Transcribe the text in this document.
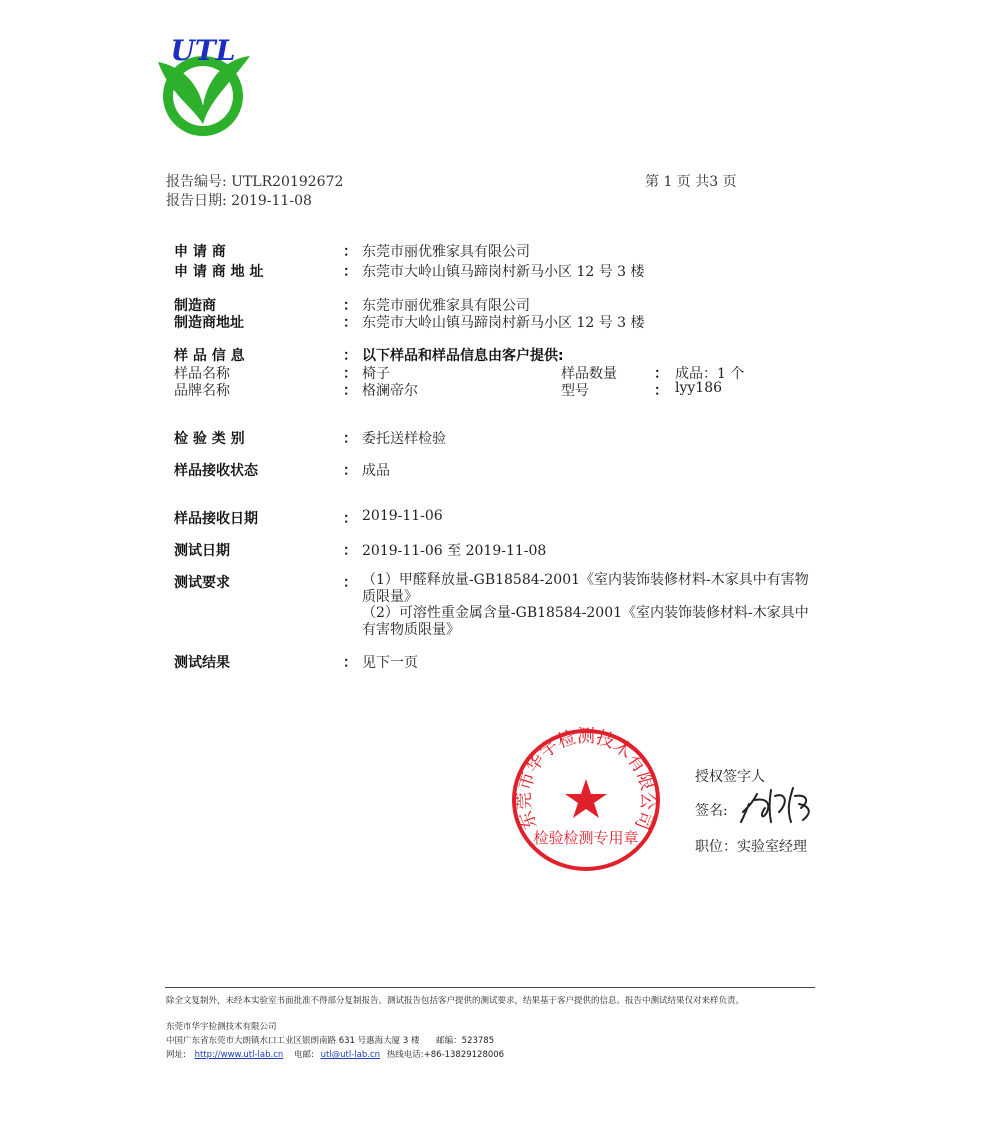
UTL
报告编号: UTLR20192672
报告日期: 2019-11-08
第 1 页 共3 页
申 请 商	： 东莞市丽优雅家具有限公司
申 请 商 地 址	： 东莞市大岭山镇马蹄岗村新马小区 12 号 3 楼
制造商	： 东莞市丽优雅家具有限公司
制造商地址	： 东莞市大岭山镇马蹄岗村新马小区 12 号 3 楼
样 品 信 息	： 以下样品和样品信息由客户提供:
样品名称	： 椅子	样品数量	： 成品：1 个
品牌名称	： 格澜帝尔	型号	： lyy186
检 验 类 别	： 委托送样检验
样品接收状态	： 成品
样品接收日期	： 2019-11-06
测试日期	： 2019-11-06 至 2019-11-08
测试要求	： （1）甲醛释放量-GB18584-2001《室内装饰装修材料-木家具中有害物质限量》
（2）可溶性重金属含量-GB18584-2001《室内装饰装修材料-木家具中有害物质限量》
测试结果	： 见下一页
东莞市华宇检测技术有限公司
检验检测专用章
授权签字人
签名:
职位：实验室经理
除全文复制外，未经本实验室书面批准不得部分复制报告。测试报告包括客户提供的测试要求，结果基于客户提供的信息。报告中测试结果仅对来样负责。
东莞市华宇检测技术有限公司
中国广东省东莞市大朗镇水口工业区银朗南路 631 号惠海大厦 3 楼 邮编：523785
网址: http://www.utl-lab.cn 电邮: utl@utl-lab.cn 热线电话:+86-13829128006
